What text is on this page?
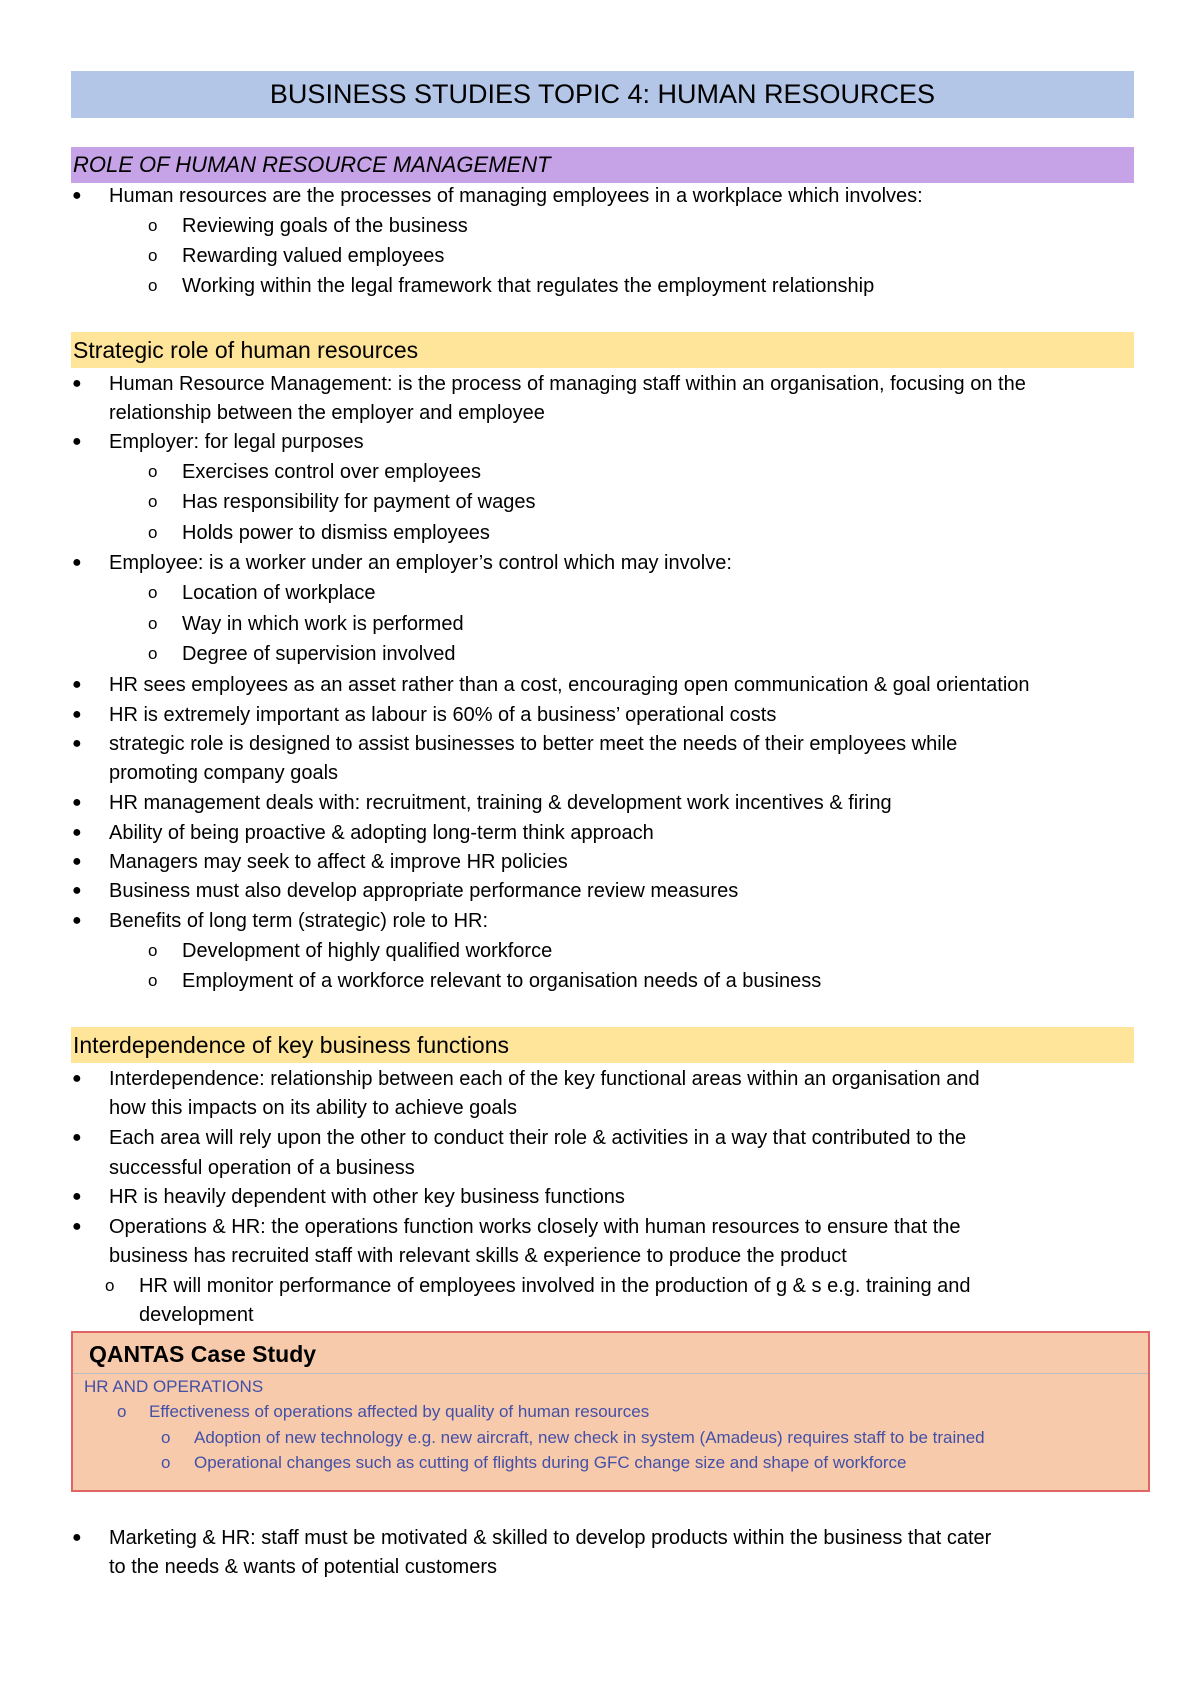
BUSINESS STUDIES TOPIC 4: HUMAN RESOURCES
ROLE OF HUMAN RESOURCE MANAGEMENT
● Human resources are the processes of managing employees in a workplace which involves:
o Reviewing goals of the business
o Rewarding valued employees
o Working within the legal framework that regulates the employment relationship
Strategic role of human resources
● Human Resource Management: is the process of managing staff within an organisation, focusing on the
relationship between the employer and employee
● Employer: for legal purposes
o Exercises control over employees
o Has responsibility for payment of wages
o Holds power to dismiss employees
● Employee: is a worker under an employer’s control which may involve:
o Location of workplace
o Way in which work is performed
o Degree of supervision involved
● HR sees employees as an asset rather than a cost, encouraging open communication & goal orientation
● HR is extremely important as labour is 60% of a business’ operational costs
● strategic role is designed to assist businesses to better meet the needs of their employees while
promoting company goals
● HR management deals with: recruitment, training & development work incentives & firing
● Ability of being proactive & adopting long-term think approach
● Managers may seek to affect & improve HR policies
● Business must also develop appropriate performance review measures
● Benefits of long term (strategic) role to HR:
o Development of highly qualified workforce
o Employment of a workforce relevant to organisation needs of a business
Interdependence of key business functions
● Interdependence: relationship between each of the key functional areas within an organisation and
how this impacts on its ability to achieve goals
● Each area will rely upon the other to conduct their role & activities in a way that contributed to the
successful operation of a business
● HR is heavily dependent with other key business functions
● Operations & HR: the operations function works closely with human resources to ensure that the
business has recruited staff with relevant skills & experience to produce the product
o HR will monitor performance of employees involved in the production of g & s e.g. training and
development
QANTAS Case Study
HR AND OPERATIONS
o Effectiveness of operations affected by quality of human resources
o Adoption of new technology e.g. new aircraft, new check in system (Amadeus) requires staff to be trained
o Operational changes such as cutting of flights during GFC change size and shape of workforce
● Marketing & HR: staff must be motivated & skilled to develop products within the business that cater
to the needs & wants of potential customers
